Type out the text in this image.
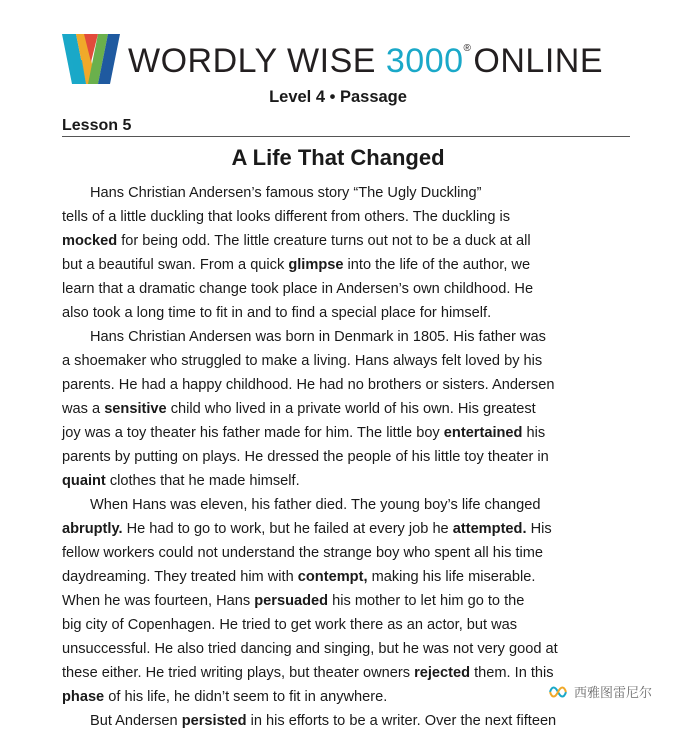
WORDLY WISE 3000®ONLINE
Level 4 • Passage
Lesson 5
A Life That Changed
Hans Christian Andersen’s famous story “The Ugly Duckling”
tells of a little duckling that looks different from others. The duckling is
mocked for being odd. The little creature turns out not to be a duck at all
but a beautiful swan. From a quick glimpse into the life of the author, we
learn that a dramatic change took place in Andersen’s own childhood. He
also took a long time to fit in and to find a special place for himself.
Hans Christian Andersen was born in Denmark in 1805. His father was
a shoemaker who struggled to make a living. Hans always felt loved by his
parents. He had a happy childhood. He had no brothers or sisters. Andersen
was a sensitive child who lived in a private world of his own. His greatest
joy was a toy theater his father made for him. The little boy entertained his
parents by putting on plays. He dressed the people of his little toy theater in
quaint clothes that he made himself.
When Hans was eleven, his father died. The young boy’s life changed
abruptly. He had to go to work, but he failed at every job he attempted. His
fellow workers could not understand the strange boy who spent all his time
daydreaming. They treated him with contempt, making his life miserable.
When he was fourteen, Hans persuaded his mother to let him go to the
big city of Copenhagen. He tried to get work there as an actor, but was
unsuccessful. He also tried dancing and singing, but he was not very good at
these either. He tried writing plays, but theater owners rejected them. In this
phase of his life, he didn’t seem to fit in anywhere.
But Andersen persisted in his efforts to be a writer. Over the next fifteen
西雅图雷尼尔
